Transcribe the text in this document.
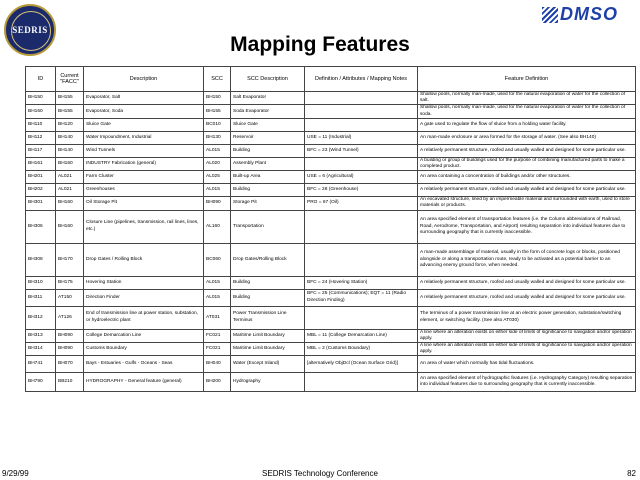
SEDRIS
DMSO
Mapping Features
ID	Current "FACC"	Description	SCC	SCC Description	Definition / Attributes / Mapping Notes	Feature Definition
BH150	BH155	Evaporator, Salt	BH150	Salt Evaporator		Shallow pools, normally man-made, used for the natural evaporation of water for the collection of salt.
BH160	BH155	Evaporator, Soda	BH155	Soda Evaporator		Shallow pools, normally man-made, used for the natural evaporation of water for the collection of soda.
BH110	BH120	Sluice Gate	BC010	Sluice Gate		A gate used to regulate the flow of sluice from a holding water facility.
BH112	BH140	Water Impoundment, Industrial	BH130	Reservoir	USE = 11 (Industrial)	An man-made enclosure or area formed for the storage of water. (See also BH140)
BH117	BH140	Wind Tunnels	AL015	Building	BFC = 23 (Wind Tunnel)	A relatively permanent structure, roofed and usually walled and designed for some particular use.
BH161	BH160	INDUSTRY Fabrication (general)	AL020	Assembly Plant		A building or group of buildings used for the purpose of combining manufactured parts to make a completed product.
BH201	AL021	Farm Cluster	AL025	Built-up Area	USE = 6 (Agricultural)	An area containing a concentration of buildings and/or other structures.
BH202	AL021	Greenhouses	AL015	Building	BFC = 28 (Greenhouse)	A relatively permanent structure, roofed and usually walled and designed for some particular use.
BH301	BH160	Oil Storage Pit	BH090	Storage Pit	PRO = 67 (Oil)	An excavated structure, lined by an impermeable material and surrounded with earth, used to store materials or products.
BH306	BH160	Closure Line (pipelines, transmission, rail lines, lines, etc.)	AL160	Transportation		An area specified element of transportation features (i.e. the Column abbreviations of Railroad, Road, Aerodrome, Transportation, and Airport) resulting separation into individual features due to surrounding geography that is currently inaccessible.
BH308	BH170	Drop Gates / Rolling Block	BC060	Drop Gates/Rolling Block		A man-made assemblage of material, usually in the form of concrete logs or blocks, positioned alongside or along a transportation route, ready to be activated as a potential barrier to an advancing enemy ground force, when needed.
BH310	BH175	Hovering Station	AL015	Building	BFC = 24 (Hovering Station)	A relatively permanent structure, roofed and usually walled and designed for some particular use.
BH311	AT150	Direction Finder	AL015	Building	BFC = 25 (Communications); EQT = 11 (Radio Direction Finding)	A relatively permanent structure, roofed and usually walled and designed for some particular use.
BH312	AT126	End of transmission line at power station, substation, or hydroelectric plant	AT031	Power Transmission Line Terminus		The terminus of a power transmission line at an electric power generation, substation/switching element, or switching facility. (See also AT030)
BH313	BH090	College Demarcation Line	FC021	Maritime Limit Boundary	MBL = 11 (College Demarcation Line)	A line where an alteration exists on either side of limits of significance to navigation and/or operation apply.
BH314	BH090	Customs Boundary	FC021	Maritime Limit Boundary	MBL = 2 (Customs Boundary)	A line where an alteration exists on either side of limits of significance to navigation and/or operation apply.
BH741	BH070	Bays - Estuaries - Gulfs - Oceans - Seas	BH040	Water (Except Inland)	[alternatively ObjDcl (Ocean Surface Grid)]	An area of water which normally has tidal fluctuations.
BH790	BB210	HYDROGRAPHY - General feature (general)	BH200	Hydrography		An area specified element of hydrographic features (i.e. Hydrography Category) resulting separation into individual features due to surrounding geography that is currently inaccessible.
9/29/99	SEDRIS Technology Conference	82
